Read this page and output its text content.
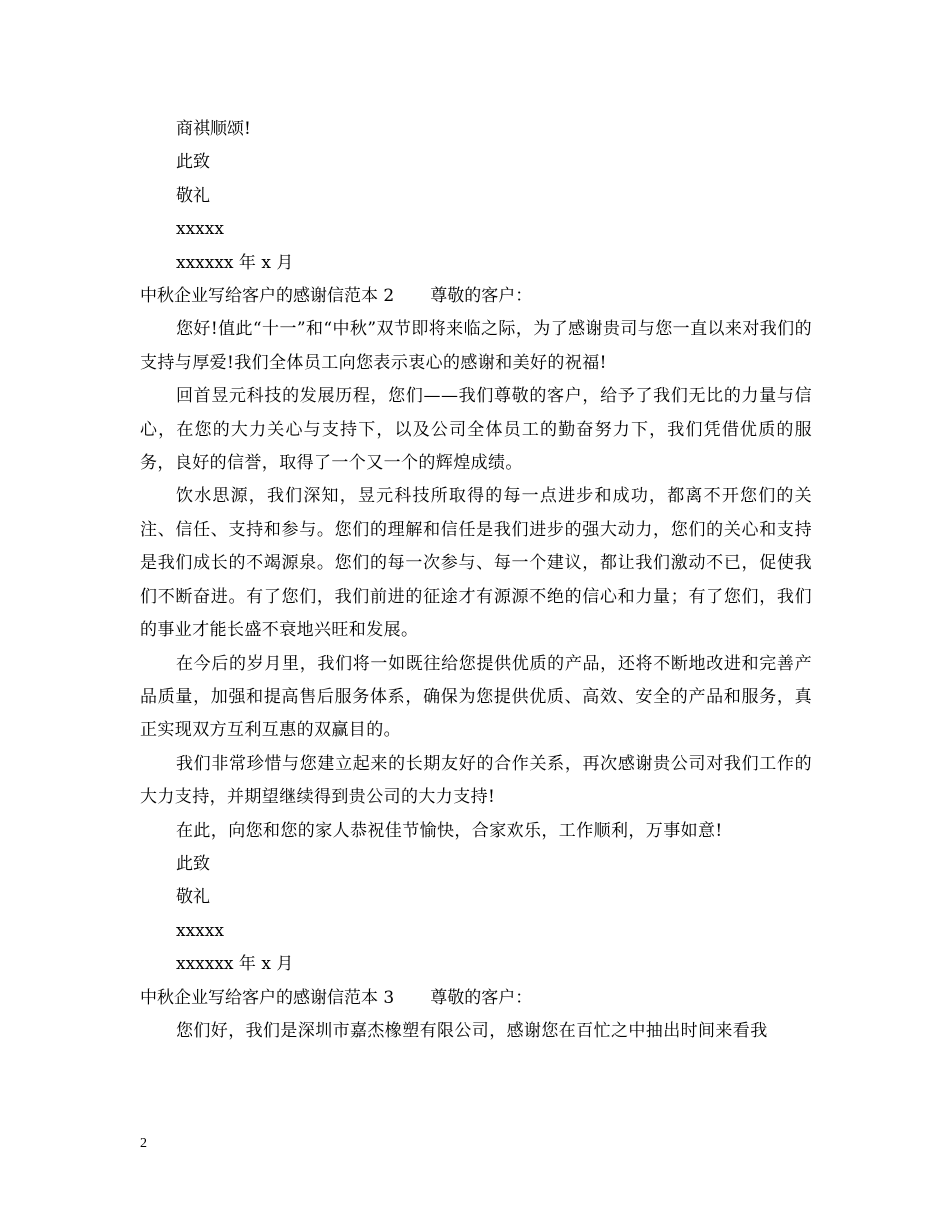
商祺顺颂!
此致
敬礼
xxxxx
xxxxxx 年 x 月
中秋企业写给客户的感谢信范本 2 尊敬的客户：
您好!值此“十一”和“中秋”双节即将来临之际，为了感谢贵司与您一直以来对我们的支持与厚爱!我们全体员工向您表示衷心的感谢和美好的祝福!
回首昱元科技的发展历程，您们——我们尊敬的客户，给予了我们无比的力量与信心，在您的大力关心与支持下，以及公司全体员工的勤奋努力下，我们凭借优质的服务，良好的信誉，取得了一个又一个的辉煌成绩。
饮水思源，我们深知，昱元科技所取得的每一点进步和成功，都离不开您们的关注、信任、支持和参与。您们的理解和信任是我们进步的强大动力，您们的关心和支持是我们成长的不竭源泉。您们的每一次参与、每一个建议，都让我们激动不已，促使我们不断奋进。有了您们，我们前进的征途才有源源不绝的信心和力量；有了您们，我们的事业才能长盛不衰地兴旺和发展。
在今后的岁月里，我们将一如既往给您提供优质的产品，还将不断地改进和完善产品质量，加强和提高售后服务体系，确保为您提供优质、高效、安全的产品和服务，真正实现双方互利互惠的双赢目的。
我们非常珍惜与您建立起来的长期友好的合作关系，再次感谢贵公司对我们工作的大力支持，并期望继续得到贵公司的大力支持!
在此，向您和您的家人恭祝佳节愉快，合家欢乐，工作顺利，万事如意!
此致
敬礼
xxxxx
xxxxxx 年 x 月
中秋企业写给客户的感谢信范本 3 尊敬的客户：
您们好，我们是深圳市嘉杰橡塑有限公司，感谢您在百忙之中抽出时间来看我
2
